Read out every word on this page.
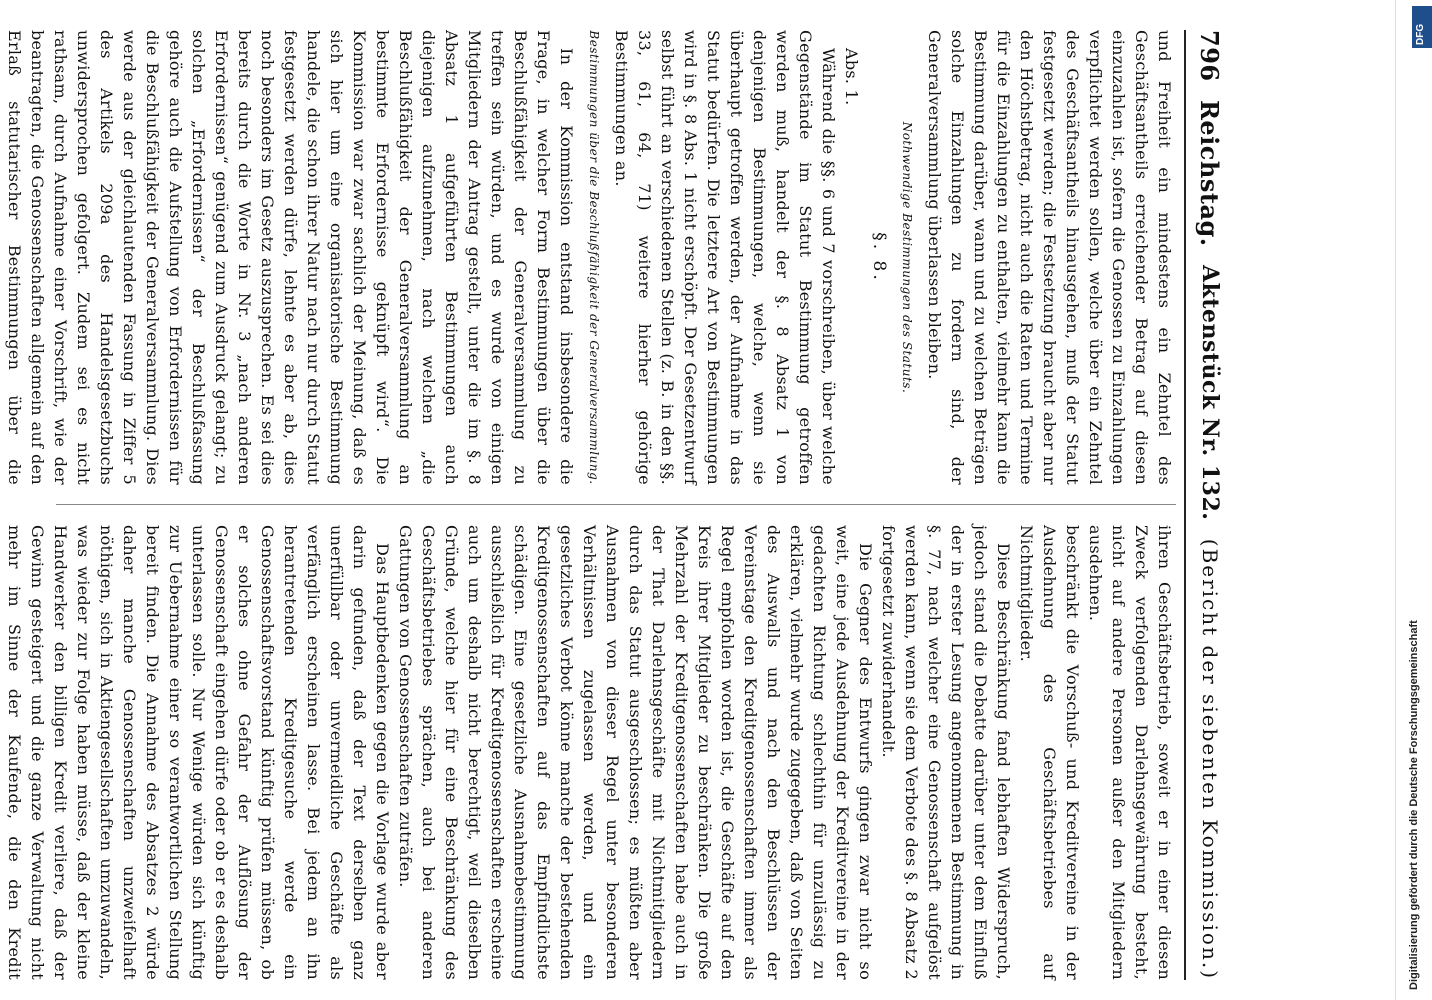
796
Reichstag.
Aktenstück Nr. 132.
(Bericht der siebenten Kommission.)

und Freiheit ein mindestens ein Zehntel des Geschäftsantheils erreichender Betrag auf diesen einzuzahlen ist, sofern die Genossen zu Einzahlungen verpflichtet werden sollen, welche über ein Zehntel des Geschäftsantheils hinausgehen, muß der Statut festgesetzt werden; die Festsetzung braucht aber nur den Höchstbetrag, nicht auch die Raten und Termine für die Einzahlungen zu enthalten, vielmehr kann die Bestimmung darüber, wann und zu welchen Beträgen solche Einzahlungen zu fordern sind, der Generalversammlung überlassen bleiben.

Nothwendige Bestimmungen des Statuts.
§. 8.

Abs. 1.

Während die §§. 6 und 7 vorschreiben, über welche Gegenstände im Statut Bestimmung getroffen werden muß, handelt der §. 8 Absatz 1 von denjenigen Bestimmungen, welche, wenn sie überhaupt getroffen werden, der Aufnahme in das Statut bedürfen. Die letztere Art von Bestimmungen wird in §. 8 Abs. 1 nicht erschöpft. Der Gesetzentwurf selbst führt an verschiedenen Stellen (z. B. in den §§. 33, 61, 64, 71) weitere hierher gehörige Bestimmungen an.

Bestimmungen über die Beschlußfähigkeit der Generalversammlung.

In der Kommission entstand insbesondere die Frage, in welcher Form Bestimmungen über die Beschlußfähigkeit der Generalversammlung zu treffen sein würden, und es wurde von einigen Mitgliedern der Antrag gestellt, unter die im §. 8 Absatz 1 aufgeführten Bestimmungen auch diejenigen aufzunehmen, nach welchen „die Beschlußfähigkeit der Generalversammlung an bestimmte Erfordernisse geknüpft wird“. Die Kommission war zwar sachlich der Meinung, daß es sich hier um eine organisatorische Bestimmung handele, die schon ihrer Natur nach nur durch Statut festgesetzt werden dürfe, lehnte es aber ab, dies noch besonders im Gesetz auszusprechen. Es sei dies bereits durch die Worte in Nr. 3 „nach anderen Erfordernissen“ genügend zum Ausdruck gelangt; zu solchen „Erfordernissen“ der Beschlußfassung gehöre auch die Aufstellung von Erfordernissen für die Beschlußfähigkeit der Generalversammlung. Dies werde aus der gleichlautenden Fassung in Ziffer 5 des Artikels 209a des Handelsgesetzbuchs unwidersprochen gefolgert. Zudem sei es nicht rathsam, durch Aufnahme einer Vorschrift, wie der beantragten, die Genossenschaften allgemein auf den Erlaß statutarischer Bestimmungen über die

ihren Geschäftsbetrieb, soweit er in einer diesen Zweck verfolgenden Darlehnsgewährung besteht, nicht auf andere Personen außer den Mitgliedern ausdehnen.

beschränkt die Vorschuß- und Kreditvereine in der Ausdehnung des Geschäftsbetriebes auf Nichtmitglieder.

Diese Beschränkung fand lebhaften Widerspruch, jedoch stand die Debatte darüber unter dem Einfluß der in erster Lesung angenommenen Bestimmung in §. 77, nach welcher eine Genossenschaft aufgelöst werden kann, wenn sie dem Verbote des §. 8 Absatz 2 fortgesetzt zuwiderhandelt.

Die Gegner des Entwurfs gingen zwar nicht so weit, eine jede Ausdehnung der Kreditvereine in der gedachten Richtung schlechthin für unzulässig zu erklären, vielmehr wurde zugegeben, daß von Seiten des Auswalls und nach den Beschlüssen der Vereinstage den Kreditgenossenschaften immer als Regel empfohlen worden ist, die Geschäfte auf den Kreis ihrer Mitglieder zu beschränken. Die große Mehrzahl der Kreditgenossenschaften habe auch in der That Darlehnsgeschäfte mit Nichtmitgliedern durch das Statut ausgeschlossen; es müßten aber Ausnahmen von dieser Regel unter besonderen Verhältnissen zugelassen werden, und ein gesetzliches Verbot könne manche der bestehenden Kreditgenossenschaften auf das Empfindlichste schädigen. Eine gesetzliche Ausnahmebestimmung ausschließlich für Kreditgenossenschaften erscheine auch um deshalb nicht berechtigt, weil dieselben Gründe, welche hier für eine Beschränkung des Geschäftsbetriebes sprächen, auch bei anderen Gattungen von Genossenschaften zuträfen.

Das Hauptbedenken gegen die Vorlage wurde aber darin gefunden, daß der Text derselben ganz unerfüllbar oder unvermeidliche Geschäfte als verfänglich erscheinen lasse. Bei jedem an ihn herantretenden Kreditgesuche werde ein Genossenschaftsvorstand künftig prüfen müssen, ob er solches ohne Gefahr der Auflösung der Genossenschaft eingehen dürfe oder ob er es deshalb unterlassen solle. Nur Wenige würden sich künftig zur Uebernahme einer so verantwortlichen Stellung bereit finden. Die Annahme des Absatzes 2 würde daher manche Genossenschaften unzweifelhaft nöthigen, sich in Aktiengesellschaften umzuwandeln, was wieder zur Folge haben müsse, daß der kleine Handwerker den billigen Kredit verliere, daß der Gewinn gesteigert und die ganze Verwaltung nicht mehr im Sinne der Kaufende, die den Kredit	Digitalisierung gefördert durch die Deutsche Forschungsgemeinschaft
DFG
